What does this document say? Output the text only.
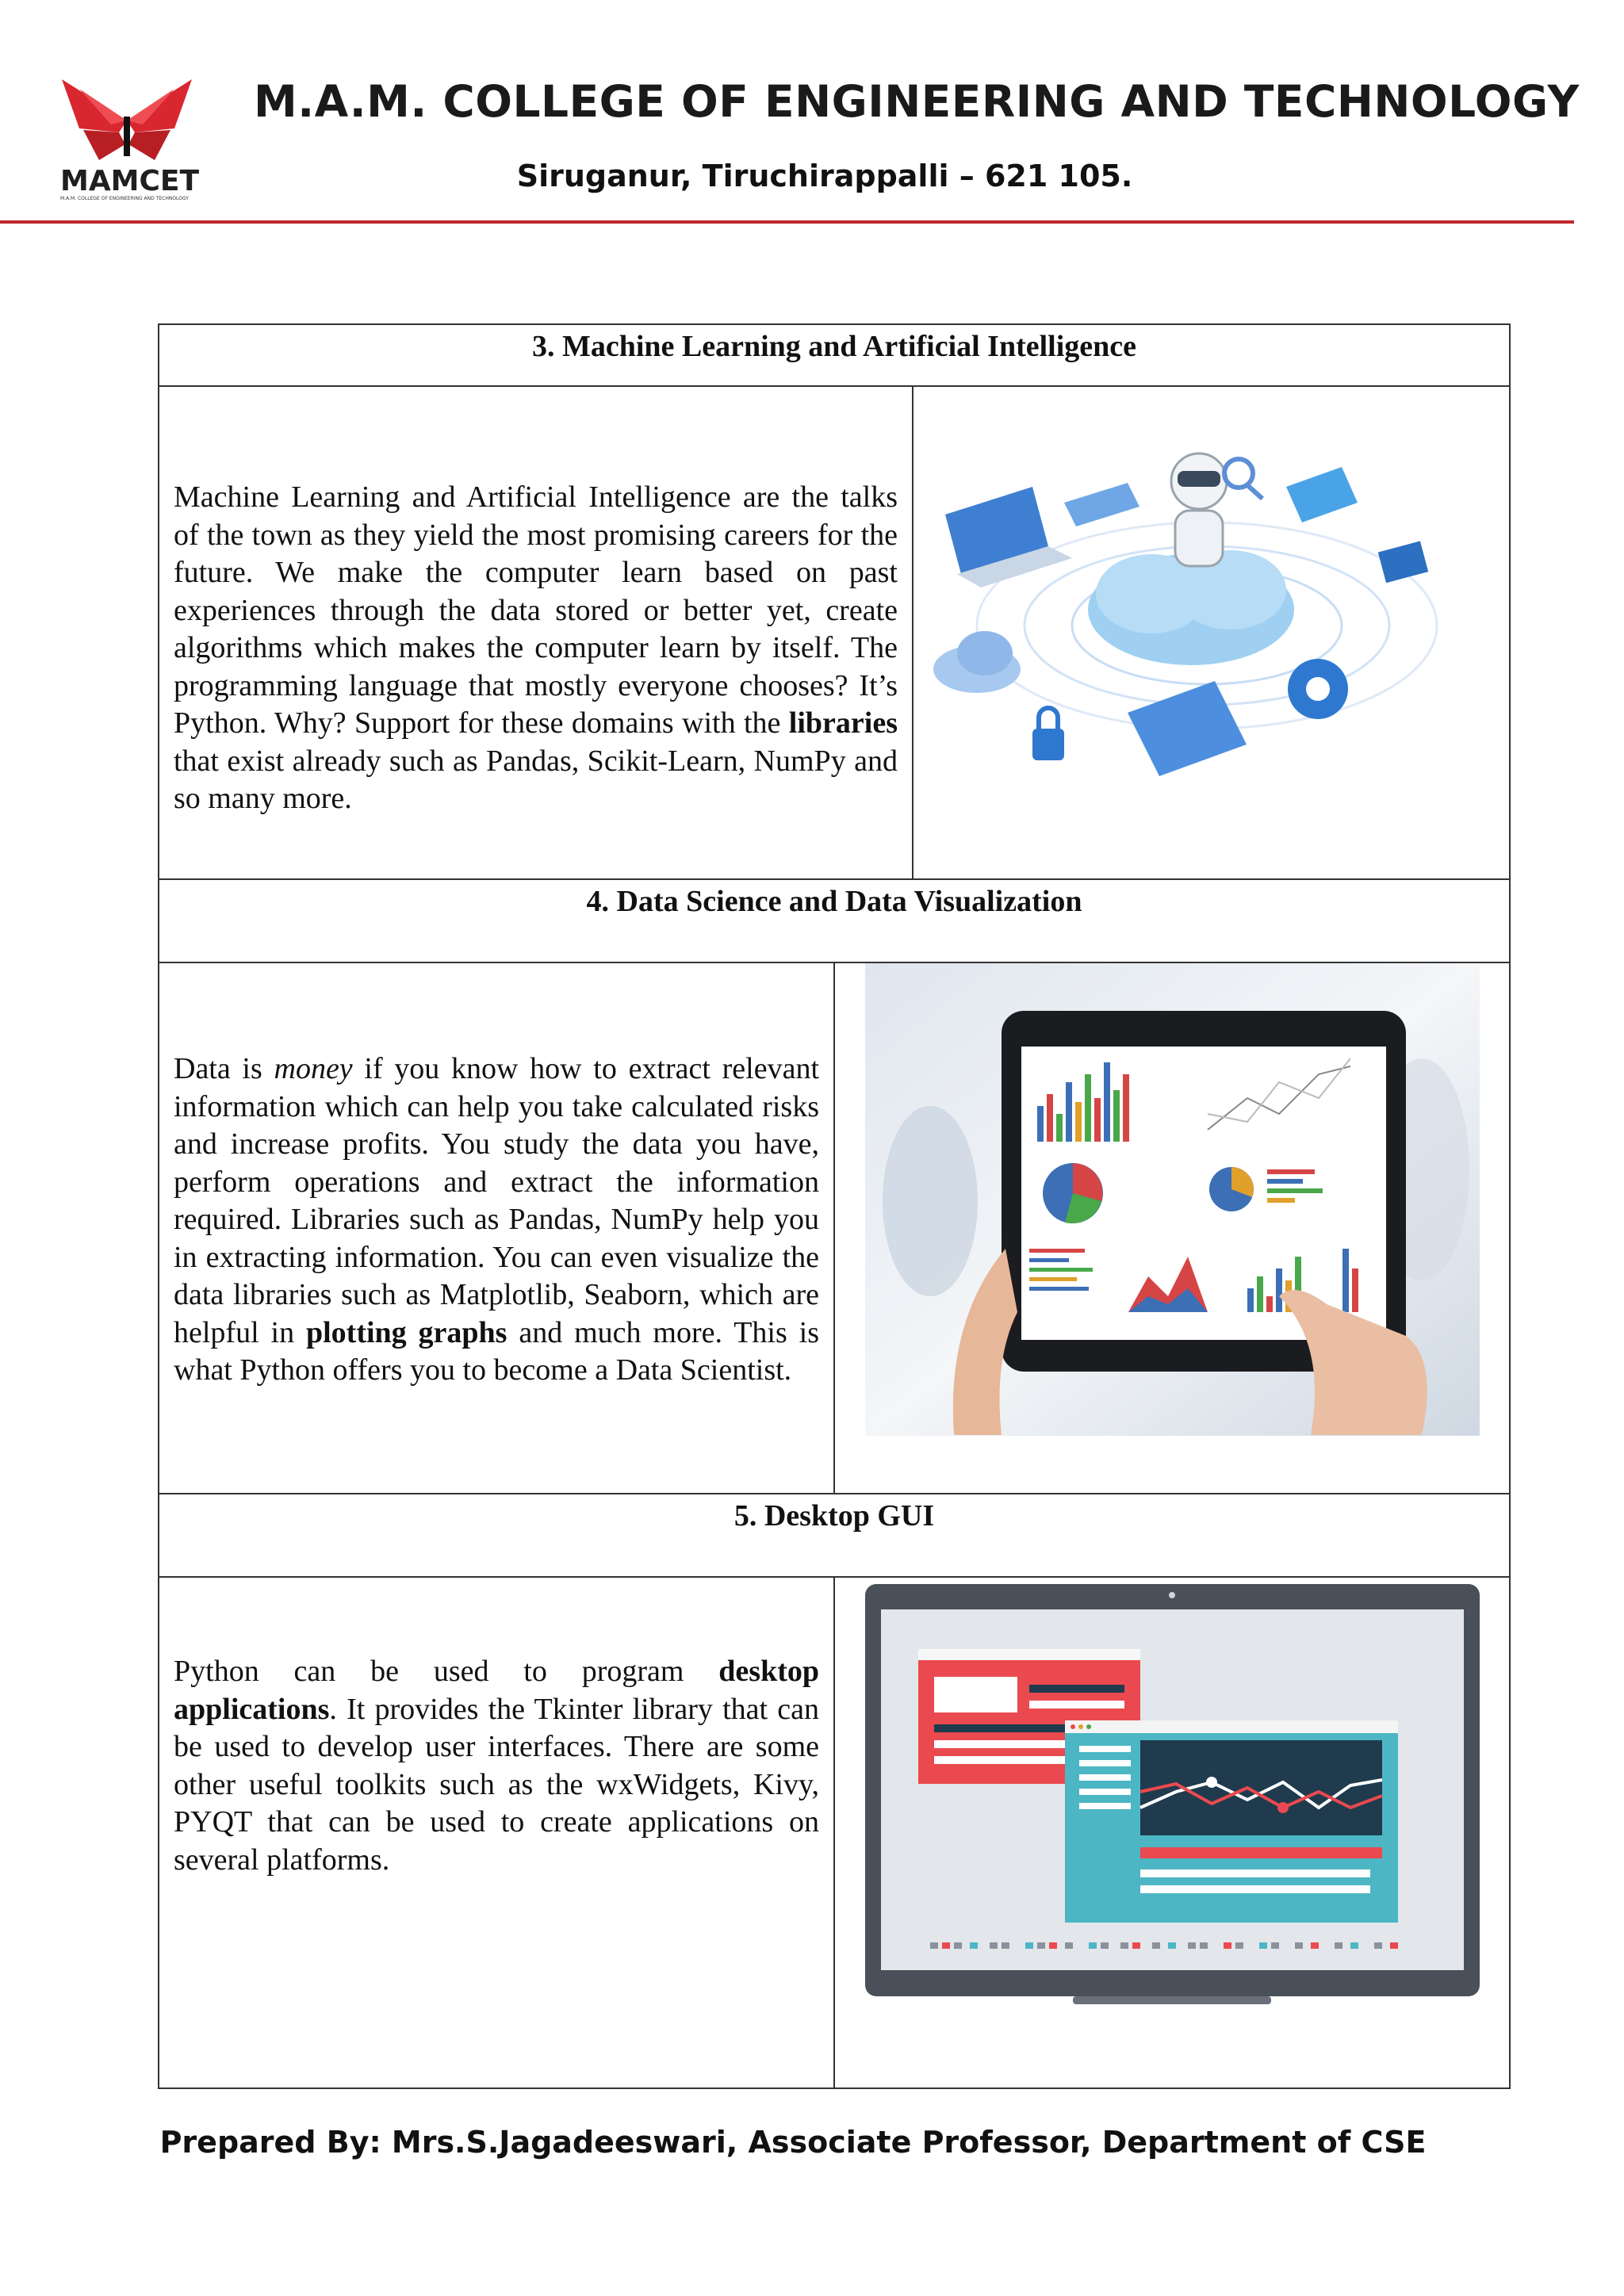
MAMCET
M.A.M. COLLEGE OF ENGINEERING AND TECHNOLOGY
M.A.M. COLLEGE OF ENGINEERING AND TECHNOLOGY
Siruganur, Tiruchirappalli – 621 105.
3. Machine Learning and Artificial Intelligence		

Machine Learning and Artificial Intelligence are the talks of the town as they yield the most promising careers for the future. We make the computer learn based on past experiences through the data stored or better yet, create algorithms which makes the computer learn by itself. The programming language that mostly everyone chooses? It’s Python. Why? Support for these domains with the libraries that exist already such as Pandas, Scikit-Learn, NumPy and so many more.

4. Data Science and Data Visualization		

Data is money if you know how to extract relevant information which can help you take calculated risks and increase profits. You study the data you have, perform operations and extract the information required. Libraries such as Pandas, NumPy help you in extracting information. You can even visualize the data libraries such as Matplotlib, Seaborn, which are helpful in plotting graphs and much more. This is what Python offers you to become a Data Scientist.

5. Desktop GUI		

Python can be used to program desktop applications. It provides the Tkinter library that can be used to develop user interfaces. There are some other useful toolkits such as the wxWidgets, Kivy, PYQT that can be used to create applications on several platforms.

Prepared By: Mrs.S.Jagadeeswari, Associate Professor, Department of CSE
